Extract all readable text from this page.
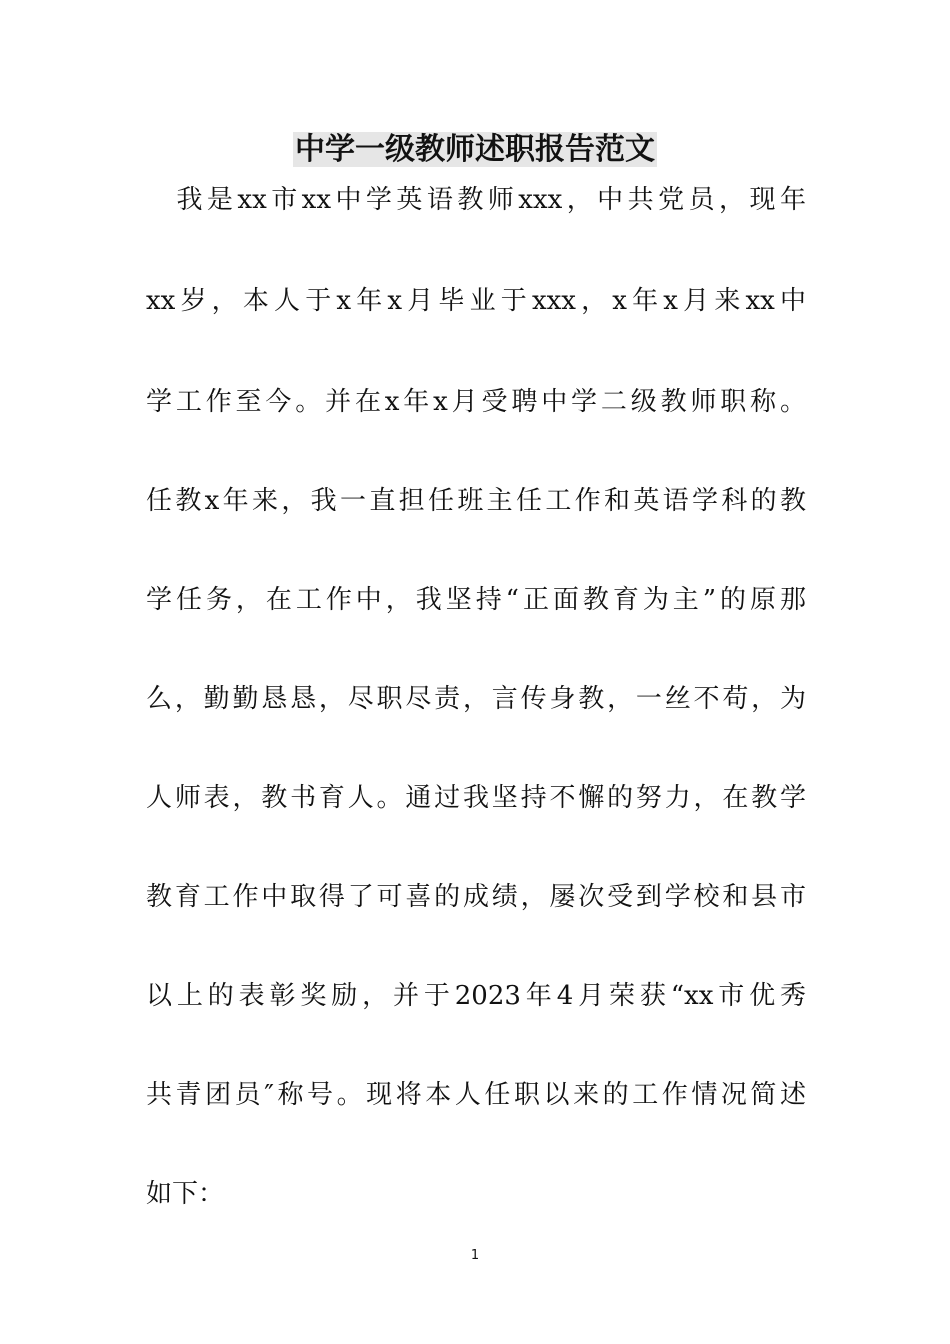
中学一级教师述职报告范文
　我是xx市xx中学英语教师xxx，中共党员，现年
xx岁，本人于x年x月毕业于xxx，x年x月来xx中
学工作至今。并在x年x月受聘中学二级教师职称。
任教x年来，我一直担任班主任工作和英语学科的教
学任务，在工作中，我坚持“正面教育为主”的原那
么，勤勤恳恳，尽职尽责，言传身教，一丝不苟，为
人师表，教书育人。通过我坚持不懈的努力，在教学
教育工作中取得了可喜的成绩，屡次受到学校和县市
以上的表彰奖励，并于2023年4月荣获“xx市优秀
共青团员″称号。现将本人任职以来的工作情况简述
如下：
1
